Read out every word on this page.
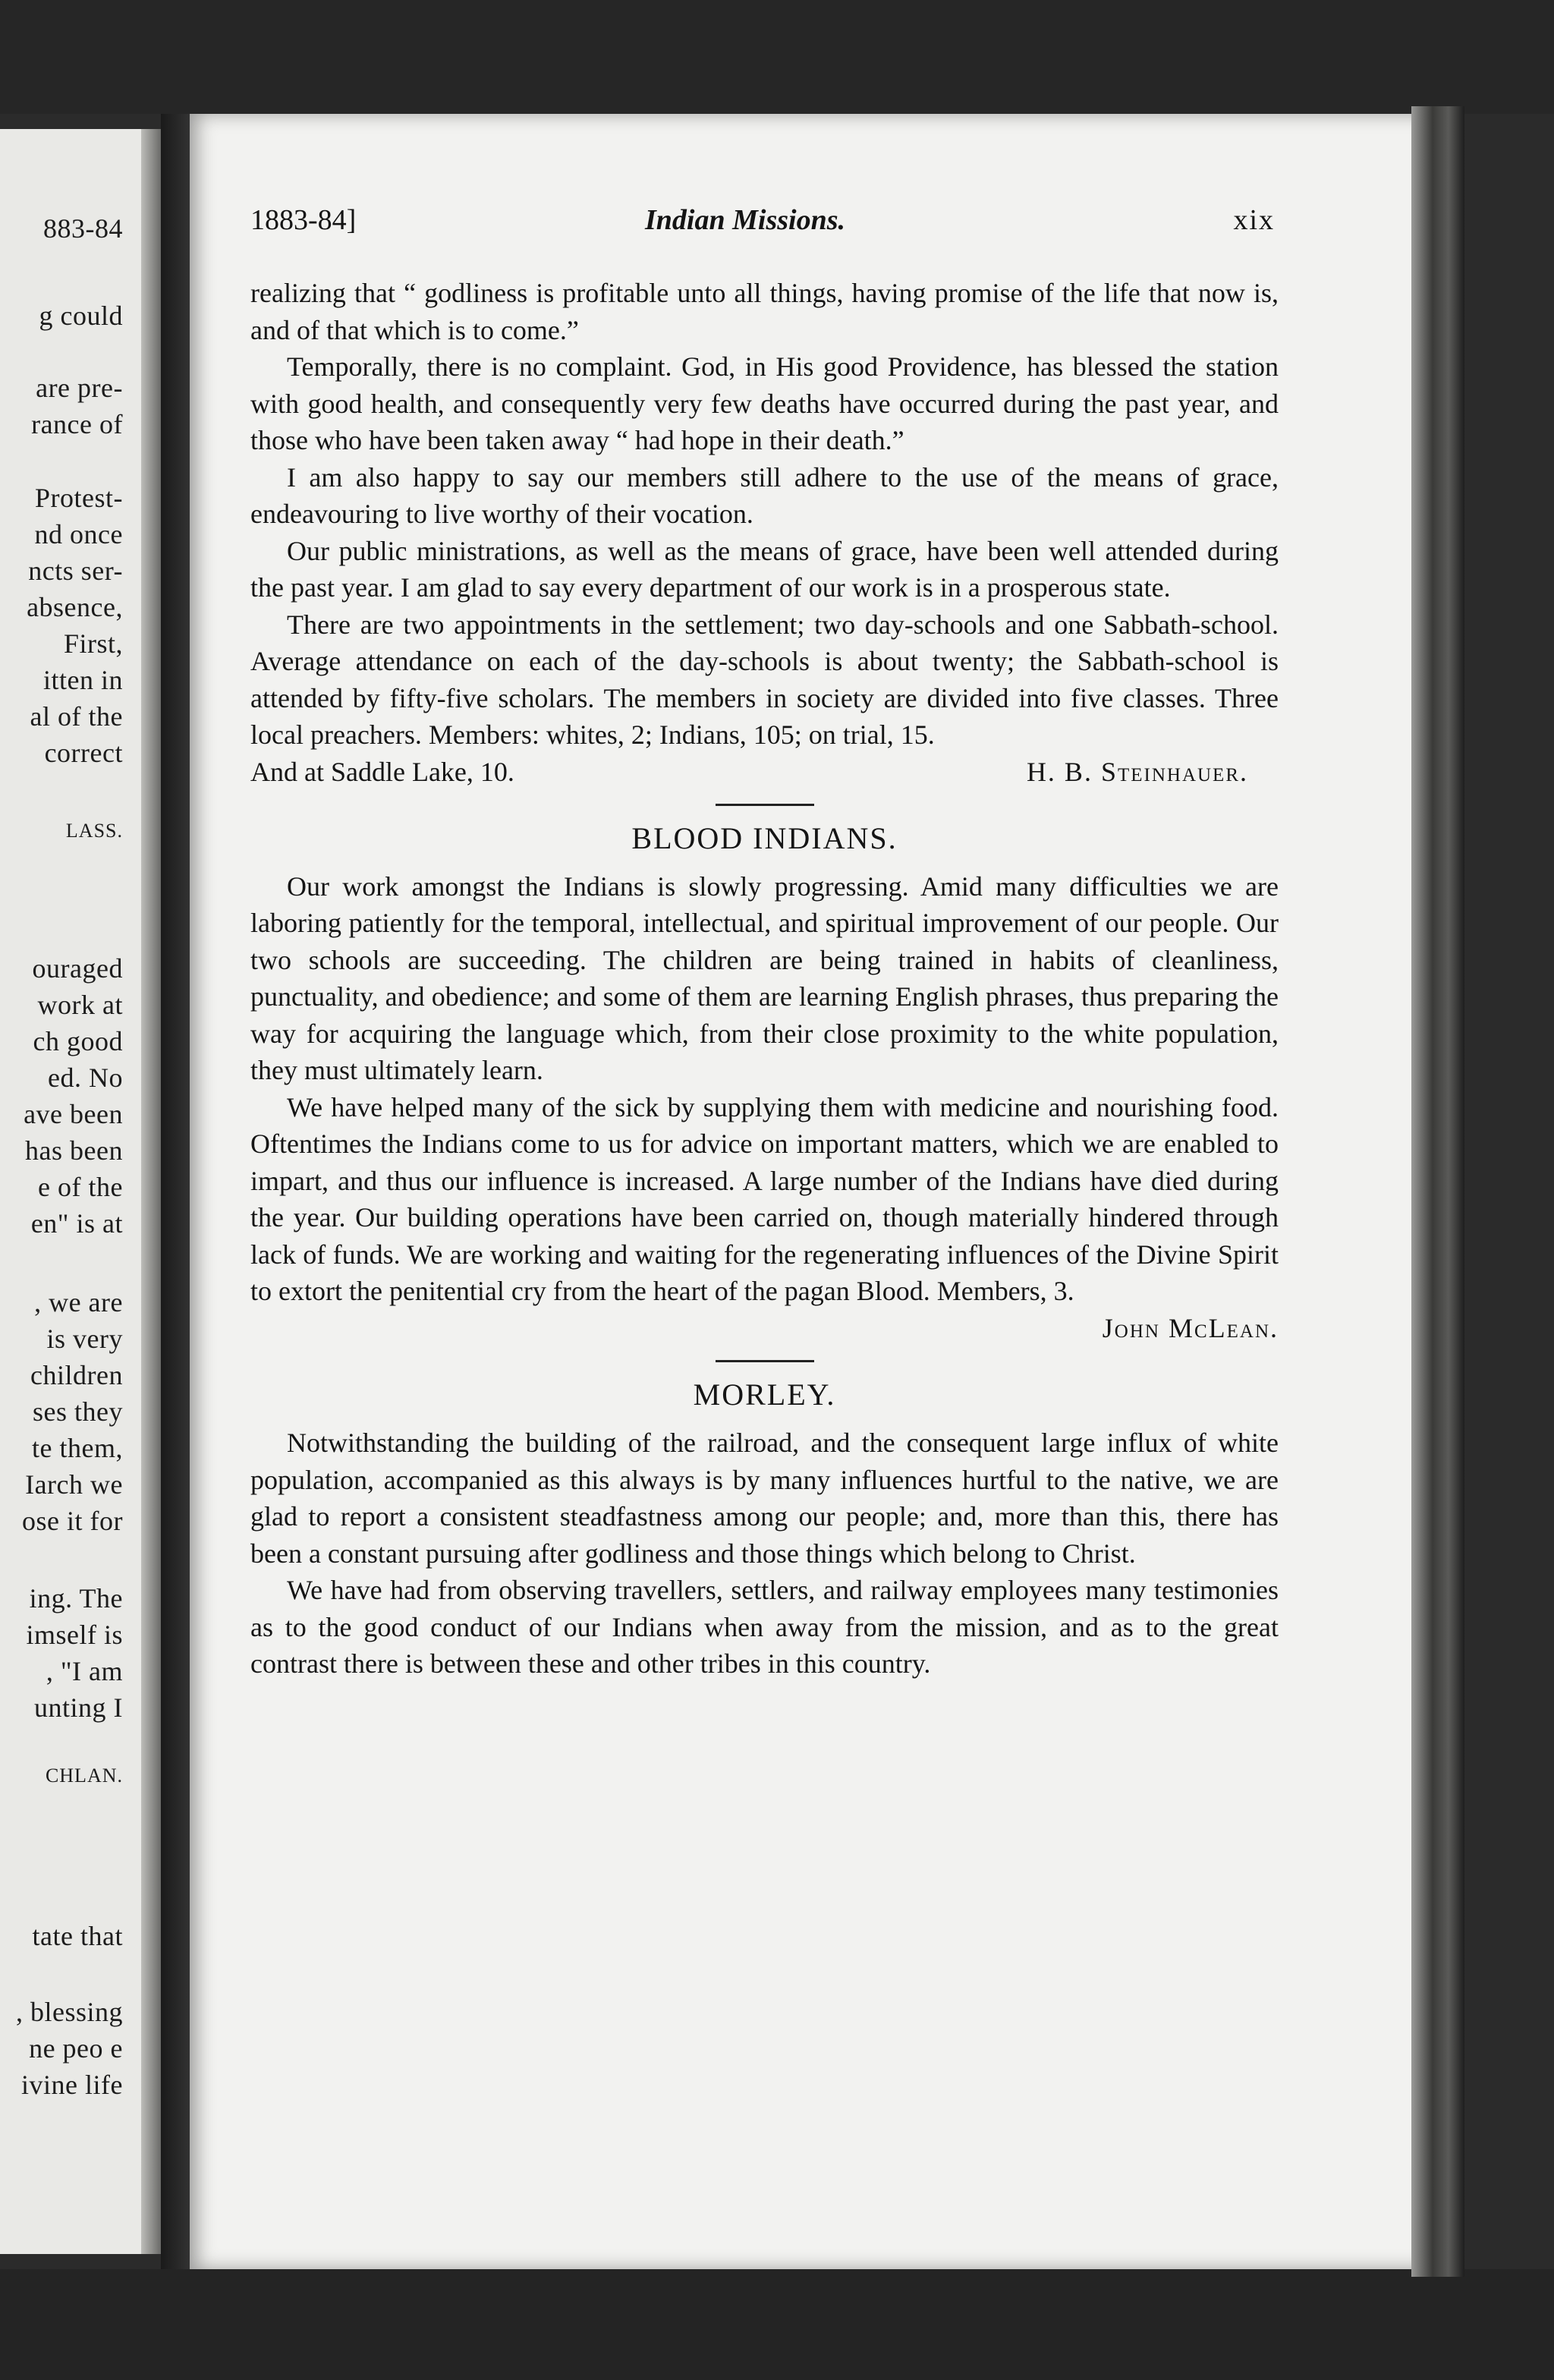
883-84
g could
are pre-
rance of
Protest-
nd once
ncts ser-
absence,
First,
itten in
al of the
correct
LASS.
ouraged
work at
ch good
ed. No
ave been
has been
e of the
en" is at
, we are
is very
children
ses they
te them,
Iarch we
ose it for
ing. The
imself is
, "I am
unting I
CHLAN.
tate that
, blessing
ne peo e
ivine life
1883-84]	Indian Missions.	xix

realizing that “ godliness is profitable unto all things, having promise of the life that now is, and of that which is to come.”

Temporally, there is no complaint. God, in His good Providence, has blessed the station with good health, and consequently very few deaths have occurred during the past year, and those who have been taken away “ had hope in their death.”

I am also happy to say our members still adhere to the use of the means of grace, endeavouring to live worthy of their vocation.

Our public ministrations, as well as the means of grace, have been well attended during the past year. I am glad to say every department of our work is in a prosperous state.

There are two appointments in the settlement; two day-schools and one Sabbath-school. Average attendance on each of the day-schools is about twenty; the Sabbath-school is attended by fifty-five scholars. The members in society are divided into five classes. Three local preachers. Members: whites, 2; Indians, 105; on trial, 15.

And at Saddle Lake, 10.	H. B. Steinhauer.
BLOOD INDIANS.

Our work amongst the Indians is slowly progressing. Amid many difficulties we are laboring patiently for the temporal, intellectual, and spiritual improvement of our people. Our two schools are succeeding. The children are being trained in habits of cleanliness, punctuality, and obedience; and some of them are learning English phrases, thus preparing the way for acquiring the language which, from their close proximity to the white population, they must ultimately learn.

We have helped many of the sick by supplying them with medicine and nourishing food. Oftentimes the Indians come to us for advice on important matters, which we are enabled to impart, and thus our influence is increased. A large number of the Indians have died during the year. Our building operations have been carried on, though materially hindered through lack of funds. We are working and waiting for the regenerating influences of the Divine Spirit to extort the penitential cry from the heart of the pagan Blood. Members, 3.

John McLean.

MORLEY.

Notwithstanding the building of the railroad, and the consequent large influx of white population, accompanied as this always is by many influences hurtful to the native, we are glad to report a consistent steadfastness among our people; and, more than this, there has been a constant pursuing after godliness and those things which belong to Christ.

We have had from observing travellers, settlers, and railway employees many testimonies as to the good conduct of our Indians when away from the mission, and as to the great contrast there is between these and other tribes in this country.
